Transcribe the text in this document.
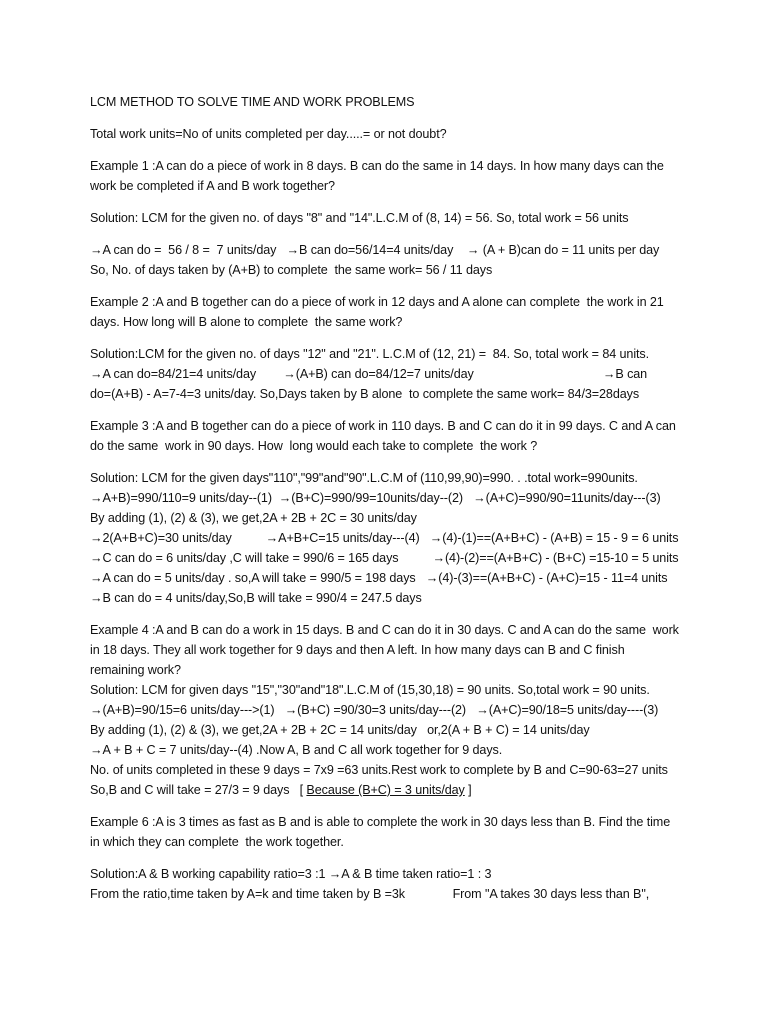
LCM METHOD TO SOLVE TIME AND WORK PROBLEMS
Total work units=No of units completed per day.....= or not doubt?
Example 1 :A can do a piece of work in 8 days. B can do the same in 14 days. In how many days can the
work be completed if A and B work together?
Solution: LCM for the given no. of days "8" and "14".L.C.M of (8, 14) = 56. So, total work = 56 units
→A can do =  56 / 8 =  7 units/day   →B can do=56/14=4 units/day    → (A + B)can do = 11 units per day
So, No. of days taken by (A+B) to complete  the same work= 56 / 11 days
Example 2 :A and B together can do a piece of work in 12 days and A alone can complete  the work in 21
days. How long will B alone to complete  the same work?
Solution:LCM for the given no. of days "12" and "21". L.C.M of (12, 21) =  84. So, total work = 84 units.
→A can do=84/21=4 units/day        →(A+B) can do=84/12=7 units/day                                      →B can
do=(A+B) - A=7-4=3 units/day. So,Days taken by B alone  to complete the same work= 84/3=28days
Example 3 :A and B together can do a piece of work in 110 days. B and C can do it in 99 days. C and A can
do the same  work in 90 days. How  long would each take to complete  the work ?
Solution: LCM for the given days"110","99"and"90".L.C.M of (110,99,90)=990. . .total work=990units.
→A+B)=990/110=9 units/day--(1)  →(B+C)=990/99=10units/day--(2)   →(A+C)=990/90=11units/day---(3)
By adding (1), (2) & (3), we get,2A + 2B + 2C = 30 units/day
→2(A+B+C)=30 units/day          →A+B+C=15 units/day---(4)   →(4)-(1)==(A+B+C) - (A+B) = 15 - 9 = 6 units
→C can do = 6 units/day ,C will take = 990/6 = 165 days          →(4)-(2)==(A+B+C) - (B+C) =15-10 = 5 units
→A can do = 5 units/day . so,A will take = 990/5 = 198 days   →(4)-(3)==(A+B+C) - (A+C)=15 - 11=4 units
→B can do = 4 units/day,So,B will take = 990/4 = 247.5 days
Example 4 :A and B can do a work in 15 days. B and C can do it in 30 days. C and A can do the same  work
in 18 days. They all work together for 9 days and then A left. In how many days can B and C finish
remaining work?
Solution: LCM for given days "15","30"and"18".L.C.M of (15,30,18) = 90 units. So,total work = 90 units.
→(A+B)=90/15=6 units/day--->(1)   →(B+C) =90/30=3 units/day---(2)   →(A+C)=90/18=5 units/day----(3)
By adding (1), (2) & (3), we get,2A + 2B + 2C = 14 units/day   or,2(A + B + C) = 14 units/day
→A + B + C = 7 units/day--(4) .Now A, B and C all work together for 9 days.
No. of units completed in these 9 days = 7x9 =63 units.Rest work to complete by B and C=90-63=27 units
So,B and C will take = 27/3 = 9 days   [ Because (B+C) = 3 units/day ]
Example 6 :A is 3 times as fast as B and is able to complete the work in 30 days less than B. Find the time
in which they can complete  the work together.
Solution:A & B working capability ratio=3 :1 →A & B time taken ratio=1 : 3
From the ratio,time taken by A=k and time taken by B =3k              From "A takes 30 days less than B",
